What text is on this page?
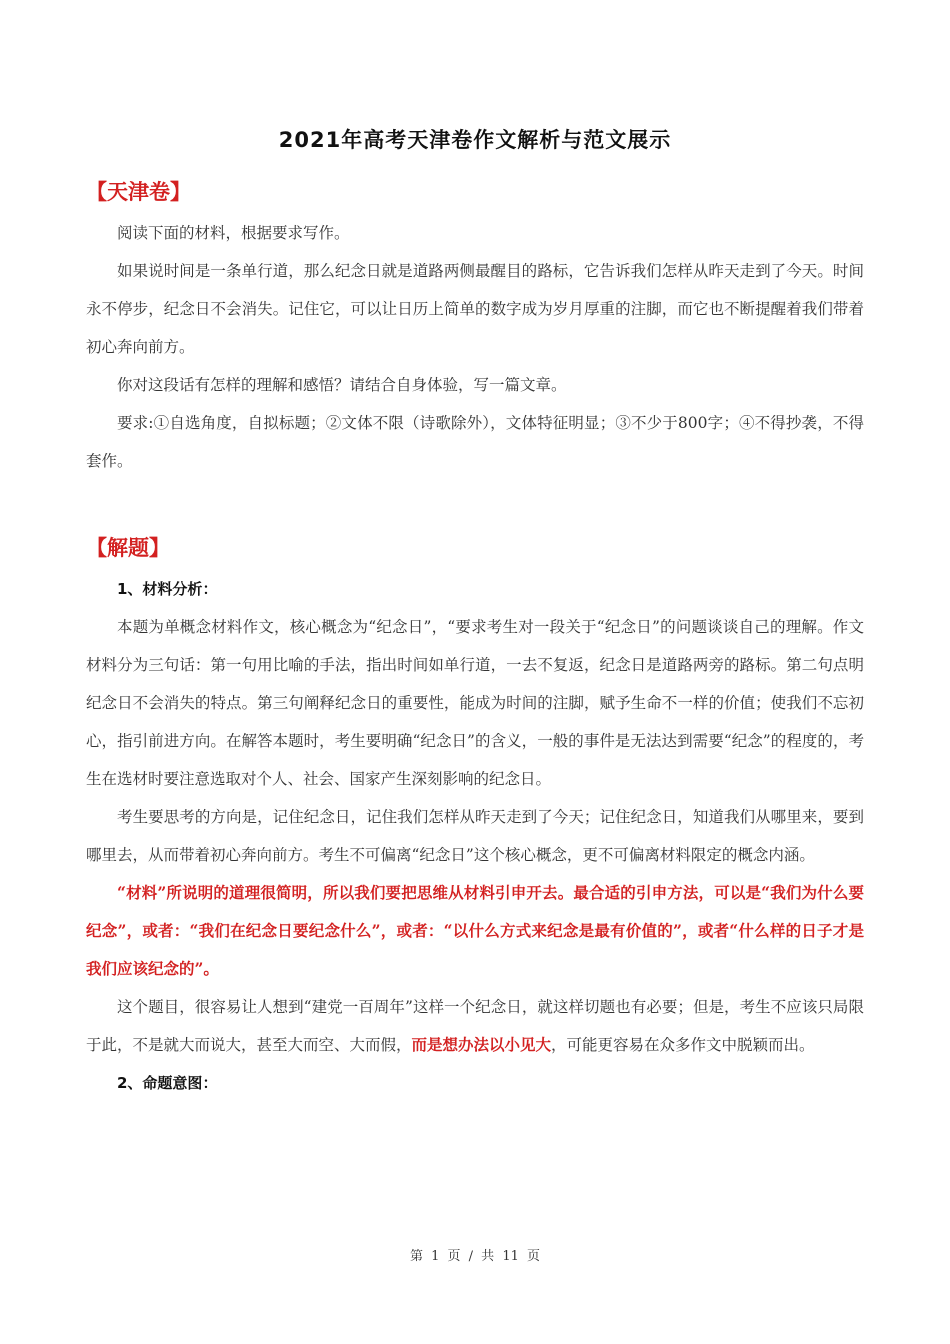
2021年高考天津卷作文解析与范文展示
【天津卷】

阅读下面的材料，根据要求写作。

如果说时间是一条单行道，那么纪念日就是道路两侧最醒目的路标，它告诉我们怎样从昨天走到了今天。时间永不停步，纪念日不会消失。记住它，可以让日历上简单的数字成为岁月厚重的注脚，而它也不断提醒着我们带着初心奔向前方。

你对这段话有怎样的理解和感悟？请结合自身体验，写一篇文章。

要求:①自选角度，自拟标题；②文体不限（诗歌除外），文体特征明显；③不少于800字；④不得抄袭，不得套作。

【解题】

1、材料分析：

本题为单概念材料作文，核心概念为“纪念日”，“要求考生对一段关于“纪念日”的问题谈谈自己的理解。作文材料分为三句话：第一句用比喻的手法，指出时间如单行道，一去不复返，纪念日是道路两旁的路标。第二句点明纪念日不会消失的特点。第三句阐释纪念日的重要性，能成为时间的注脚，赋予生命不一样的价值；使我们不忘初心，指引前进方向。在解答本题时，考生要明确“纪念日”的含义，一般的事件是无法达到需要“纪念”的程度的，考生在选材时要注意选取对个人、社会、国家产生深刻影响的纪念日。

考生要思考的方向是，记住纪念日，记住我们怎样从昨天走到了今天；记住纪念日，知道我们从哪里来，要到哪里去，从而带着初心奔向前方。考生不可偏离“纪念日”这个核心概念，更不可偏离材料限定的概念内涵。

“材料”所说明的道理很简明，所以我们要把思维从材料引申开去。最合适的引申方法，可以是“我们为什么要纪念”，或者：“我们在纪念日要纪念什么”，或者：“以什么方式来纪念是最有价值的”，或者“什么样的日子才是我们应该纪念的”。

这个题目，很容易让人想到“建党一百周年”这样一个纪念日，就这样切题也有必要；但是，考生不应该只局限于此，不是就大而说大，甚至大而空、大而假，而是想办法以小见大，可能更容易在众多作文中脱颖而出。

2、命题意图：

第 1 页 / 共 11 页
